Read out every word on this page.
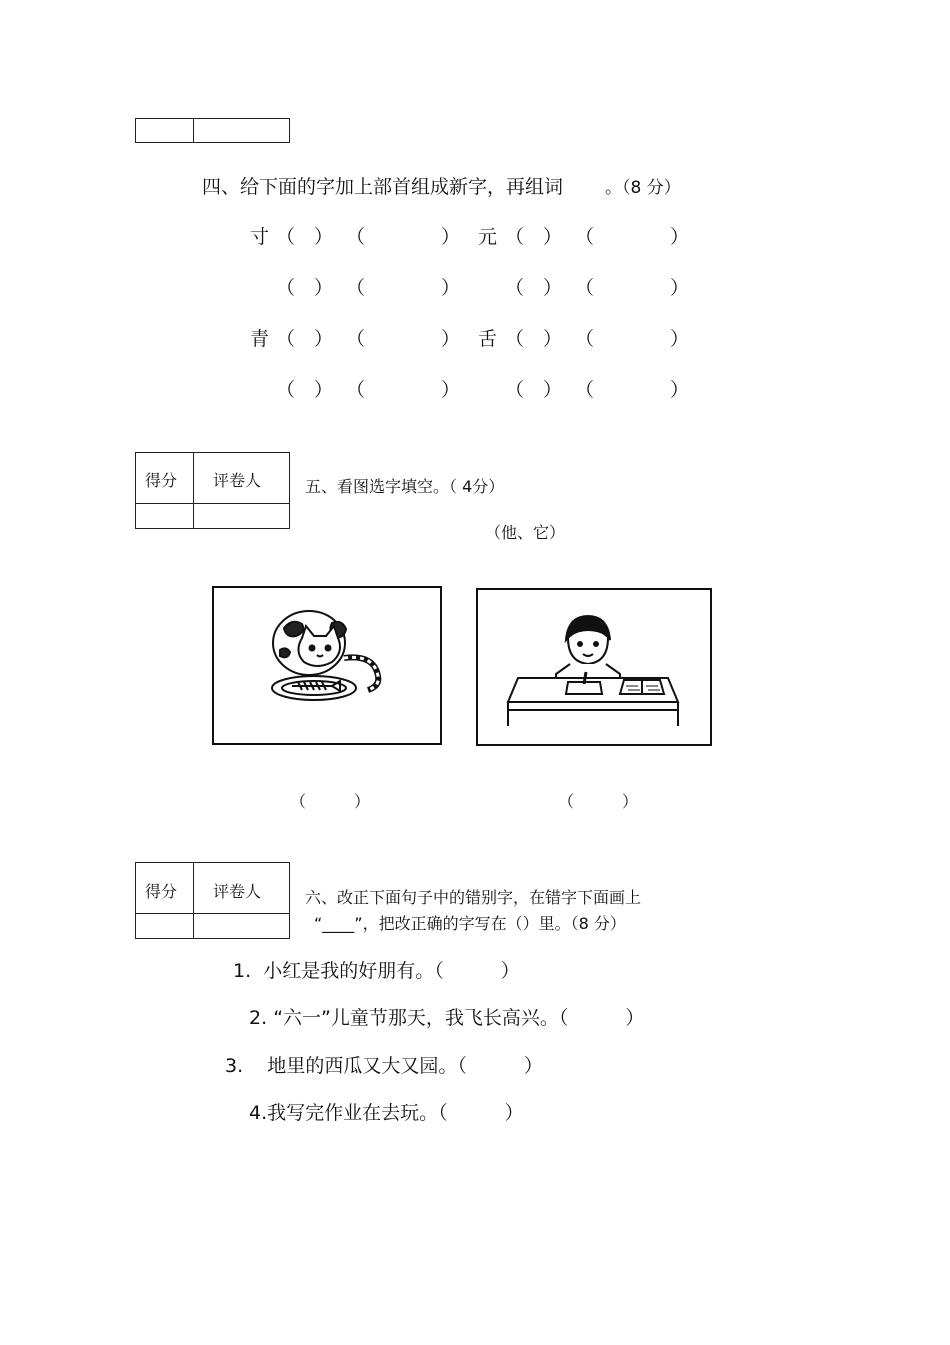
四、给下面的字加上部首组成新字，再组词 。（8 分）
寸 （　） （　　　　） 元 （　） （　　　　）
（　） （　　　　） （　） （　　　　）
青 （　） （　　　　） 舌 （　） （　　　　）
（　） （　　　　） （　） （　　　　）
得分 评卷人	五、看图选字填空。（ 4分）
（他、它）
（　　　）	（　　　）
得分 评卷人	六、改正下面句子中的错别字，在错字下面画上
“____”，把改正确的字写在（）里。（8 分）
1. 小红是我的好朋有。（　　　）
2. “六一”儿童节那天，我飞长高兴。（　　　）
3. 地里的西瓜又大又园。（　　　）
4.我写完作业在去玩。（　　　）
